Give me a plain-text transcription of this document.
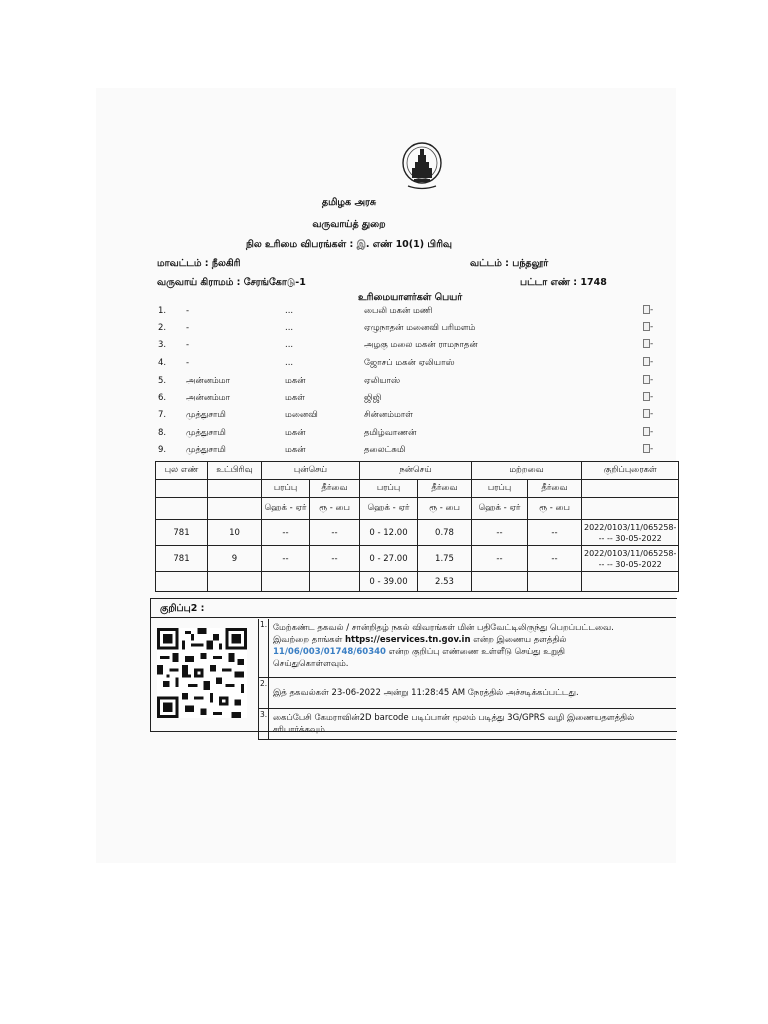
தமிழக அரசு
வருவாய்த் துறை
நில உரிமை விபரங்கள் : இ. எண் 10(1) பிரிவு
மாவட்டம் : நீலகிரி	வட்டம் : பந்தலூர்
வருவாய் கிராமம் : சேரங்கோடு-1	பட்டா எண் : 1748
உரிமையாளர்கள் பெயர்
1. -	...	பைலி மகன் மணி	-
2. -	...	ஏழுநாதன் மனைவி பரிமளம்	-
3. -	...	அழகு மலை மகன் ராமநாதன்	-
4. -	...	ஜோசப் மகன் ஏலியாஸ்	-
5. அன்னம்மா	மகன்	ஏலியாஸ்	-
6. அன்னம்மா	மகள்	ஜிஜி	-
7. முத்துசாமி	மனைவி	சின்னம்மாள்	-
8. முத்துசாமி	மகன்	தமிழ்வாணன்	-
9. முத்துசாமி	மகன்	தலைட்சுமி	-
புல எண்	உட்பிரிவு	புன்செய்		நன்செய்		மற்றவை		குறிப்புரைகள்
		பரப்பு	தீர்வை	பரப்பு	தீர்வை	பரப்பு	தீர்வை	
		ஹெக் - ஏர்	ரூ - பை	ஹெக் - ஏர்	ரூ - பை	ஹெக் - ஏர்	ரூ - பை	
781	10	--	--	0 - 12.00	0.78	--	--	2022/0103/11/065258-
-- -- 30-05-2022

781	9	--	--	0 - 27.00	1.75	--	--	2022/0103/11/065258-
-- -- 30-05-2022

				0 - 39.00	2.53			
குறிப்பு2 :
1. மேற்கண்ட தகவல் / சான்றிதழ் நகல் விவரங்கள் மின் பதிவேட்டிலிருந்து பெறப்பட்டவை.
இவற்றை தாங்கள் https://eservices.tn.gov.in என்ற இணைய தளத்தில்
11/06/003/01748/60340 என்ற குறிப்பு எண்ணை உள்ளீடு செய்து உறுதி
செய்துகொள்ளவும்.
2.
இத் தகவல்கள் 23-06-2022 அன்று 11:28:45 AM நேரத்தில் அச்சடிக்கப்பட்டது.
3. கைப்பேசி கேமராவின்2D barcode படிப்பான் மூலம் படித்து 3G/GPRS வழி இணையதளத்தில் சரிபார்க்கவும்
